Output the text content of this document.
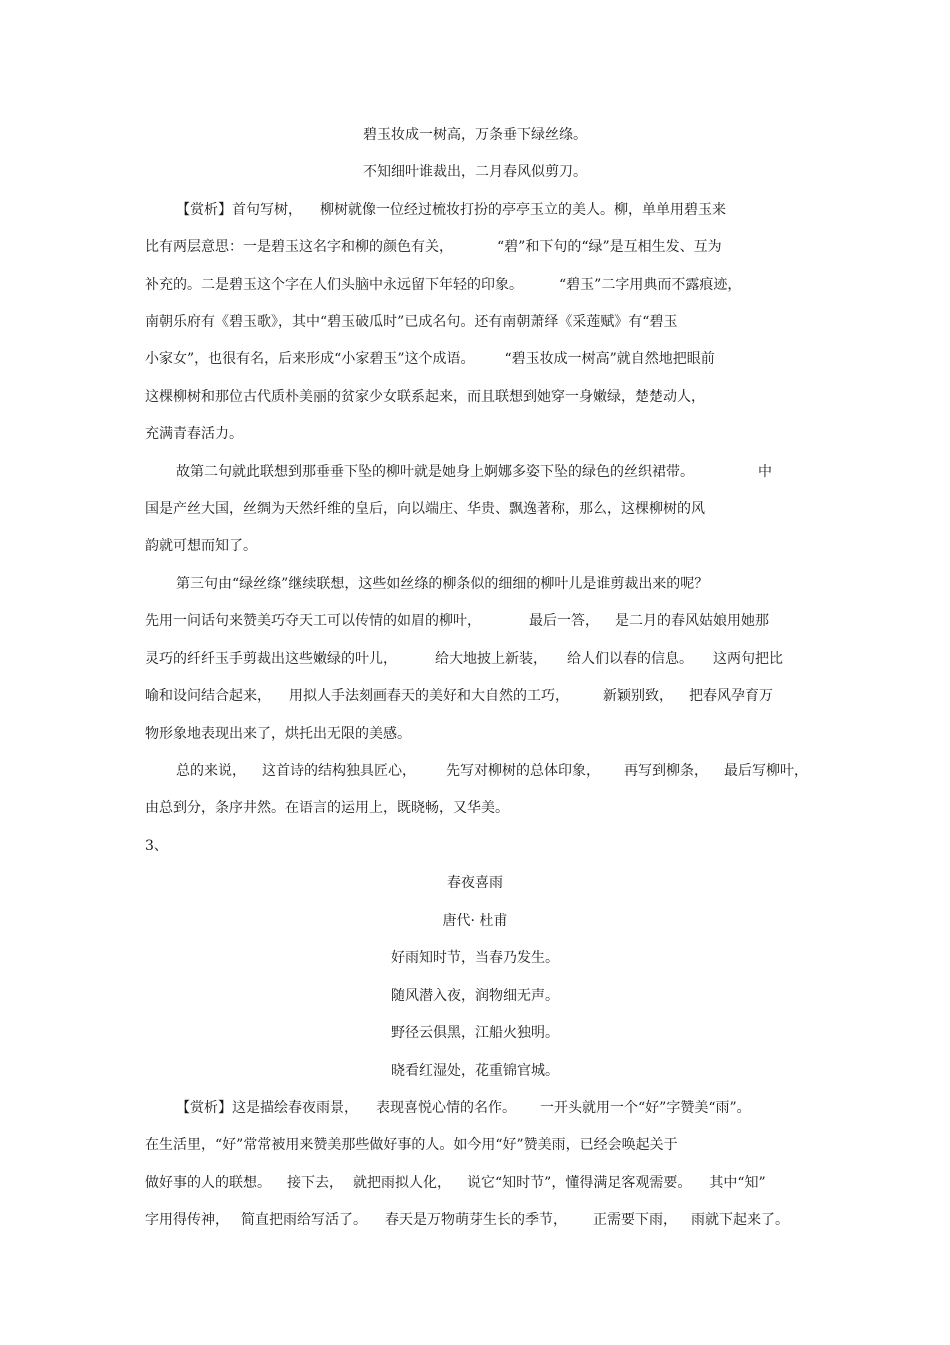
碧玉妆成一树高，万条垂下绿丝绦。

不知细叶谁裁出，二月春风似剪刀。

【赏析】首句写树， 柳树就像一位经过梳妆打扮的亭亭玉立的美人。柳，单单用碧玉来

比有两层意思：一是碧玉这名字和柳的颜色有关，	“碧”和下句的“绿”是互相生发、互为

补充的。二是碧玉这个字在人们头脑中永远留下年轻的印象。	“碧玉”二字用典而不露痕迹，

南朝乐府有《碧玉歌》，其中“碧玉破瓜时”已成名句。还有南朝萧绎《采莲赋》有“碧玉

小家女”，也很有名，后来形成“小家碧玉”这个成语。 “碧玉妆成一树高”就自然地把眼前

这棵柳树和那位古代质朴美丽的贫家少女联系起来，而且联想到她穿一身嫩绿，楚楚动人，

充满青春活力。

故第二句就此联想到那垂垂下坠的柳叶就是她身上婀娜多姿下坠的绿色的丝织裙带。	中

国是产丝大国，丝绸为天然纤维的皇后，向以端庄、华贵、飘逸著称，那么，这棵柳树的风

韵就可想而知了。

第三句由“绿丝绦”继续联想，这些如丝绦的柳条似的细细的柳叶儿是谁剪裁出来的呢？

先用一问话句来赞美巧夺天工可以传情的如眉的柳叶，	最后一答， 是二月的春风姑娘用她那

灵巧的纤纤玉手剪裁出这些嫩绿的叶儿，	给大地披上新装， 给人们以春的信息。 这两句把比

喻和设问结合起来， 用拟人手法刻画春天的美好和大自然的工巧， 新颖别致， 把春风孕育万

物形象地表现出来了，烘托出无限的美感。

总的来说， 这首诗的结构独具匠心， 先写对柳树的总体印象， 再写到柳条， 最后写柳叶，

由总到分，条序井然。在语言的运用上，既晓畅，又华美。

3、

春夜喜雨

唐代· 杜甫

好雨知时节，当春乃发生。

随风潜入夜，润物细无声。

野径云俱黑，江船火独明。

晓看红湿处，花重锦官城。

【赏析】这是描绘春夜雨景， 表现喜悦心情的名作。 一开头就用一个“好”字赞美“雨”。

在生活里，“好”常常被用来赞美那些做好事的人。如今用“好”赞美雨，已经会唤起关于

做好事的人的联想。 接下去， 就把雨拟人化， 说它“知时节”，懂得满足客观需要。 其中“知”

字用得传神， 简直把雨给写活了。 春天是万物萌芽生长的季节， 正需要下雨， 雨就下起来了。
